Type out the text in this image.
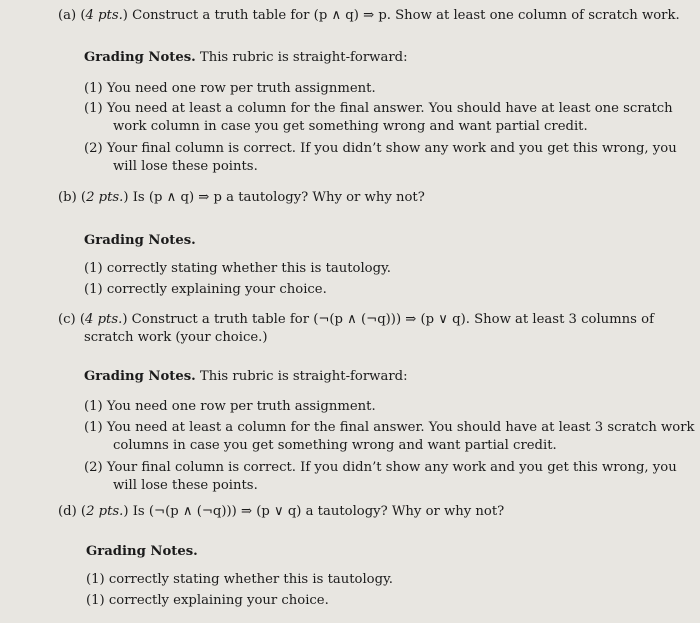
(a) (4 pts.) Construct a truth table for (p ∧ q) ⇒ p. Show at least one column of scratch work.
Grading Notes. This rubric is straight-forward:
(1) You need one row per truth assignment.
(1) You need at least a column for the final answer. You should have at least one scratch
work column in case you get something wrong and want partial credit.
(2) Your final column is correct. If you didn’t show any work and you get this wrong, you
will lose these points.
(b) (2 pts.) Is (p ∧ q) ⇒ p a tautology? Why or why not?
Grading Notes.
(1) correctly stating whether this is tautology.
(1) correctly explaining your choice.
(c) (4 pts.) Construct a truth table for (¬(p ∧ (¬q))) ⇒ (p ∨ q). Show at least 3 columns of
scratch work (your choice.)
Grading Notes. This rubric is straight-forward:
(1) You need one row per truth assignment.
(1) You need at least a column for the final answer. You should have at least 3 scratch work
columns in case you get something wrong and want partial credit.
(2) Your final column is correct. If you didn’t show any work and you get this wrong, you
will lose these points.
(d) (2 pts.) Is (¬(p ∧ (¬q))) ⇒ (p ∨ q) a tautology? Why or why not?
Grading Notes.
(1) correctly stating whether this is tautology.
(1) correctly explaining your choice.
